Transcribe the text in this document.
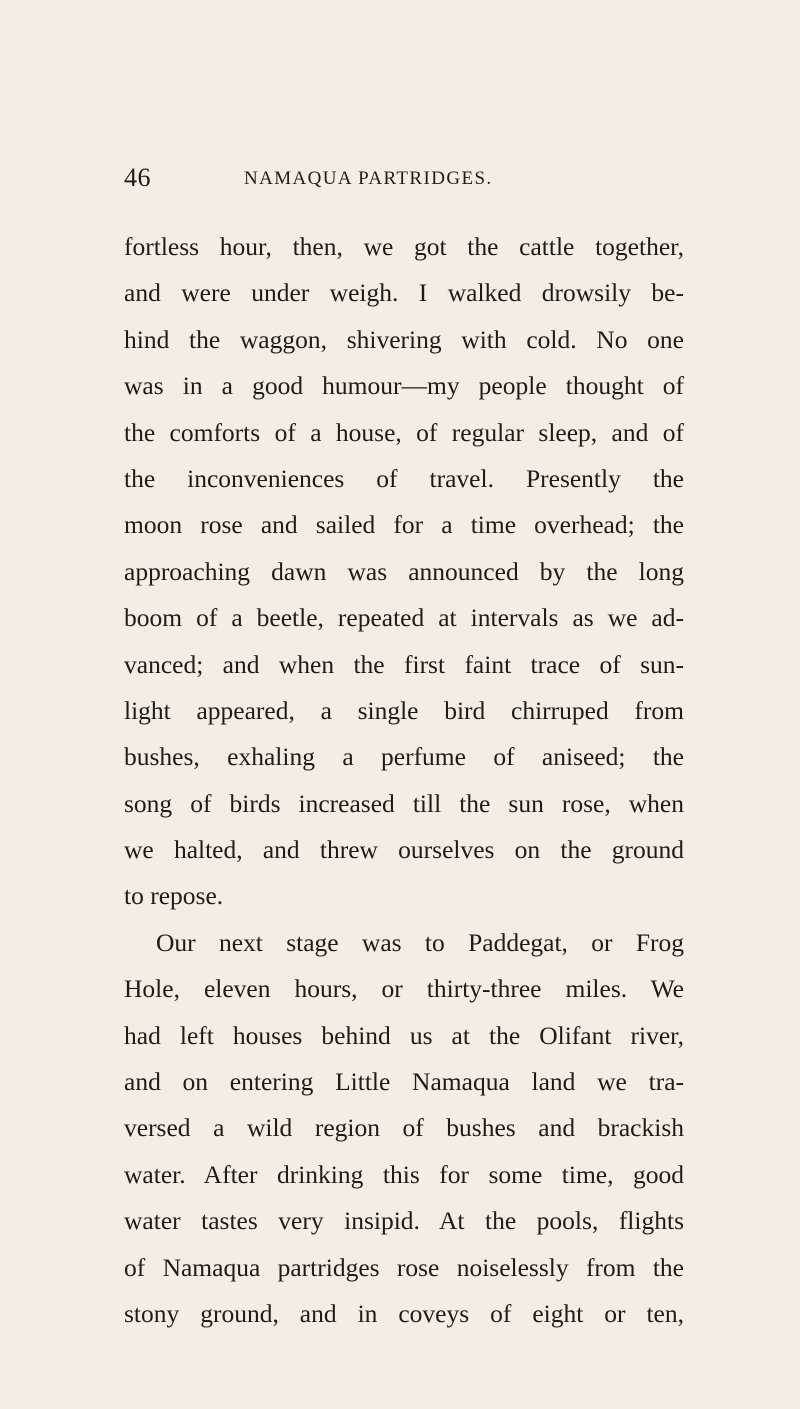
46	NAMAQUA PARTRIDGES.
fortless hour, then, we got the cattle together,
and were under weigh. I walked drowsily be-
hind the waggon, shivering with cold. No one
was in a good humour—my people thought of
the comforts of a house, of regular sleep, and of
the inconveniences of travel. Presently the
moon rose and sailed for a time overhead; the
approaching dawn was announced by the long
boom of a beetle, repeated at intervals as we ad-
vanced; and when the first faint trace of sun-
light appeared, a single bird chirruped from
bushes, exhaling a perfume of aniseed; the
song of birds increased till the sun rose, when
we halted, and threw ourselves on the ground
to repose.
Our next stage was to Paddegat, or Frog
Hole, eleven hours, or thirty-three miles. We
had left houses behind us at the Olifant river,
and on entering Little Namaqua land we tra-
versed a wild region of bushes and brackish
water. After drinking this for some time, good
water tastes very insipid. At the pools, flights
of Namaqua partridges rose noiselessly from the
stony ground, and in coveys of eight or ten,
